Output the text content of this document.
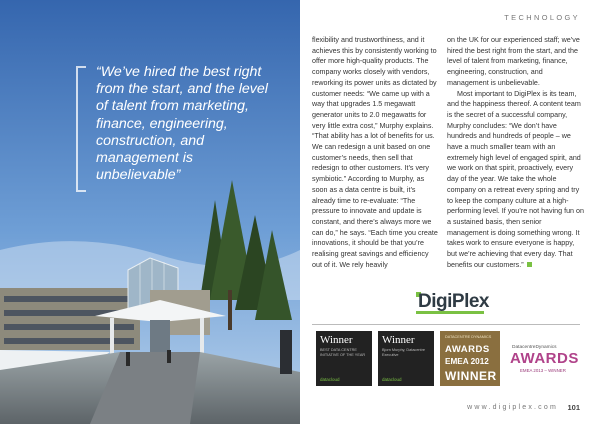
“We’ve hired the best right from the start, and the level of talent from marketing, finance, engineering, construction, and management is unbelievable”
TECHNOLOGY

flexibility and trustworthiness, and it achieves this by consistently working to offer more high-quality products. The company works closely with vendors, reworking its power units as dictated by customer needs: “We came up with a way that upgrades 1.5 megawatt generator units to 2.0 megawatts for very little extra cost,” Murphy explains. “That ability has a lot of benefits for us. We can redesign a unit based on one customer’s needs, then sell that redesign to other customers. It’s very symbiotic.” According to Murphy, as soon as a data centre is built, it’s already time to re-evaluate: “The pressure to innovate and update is constant, and there’s always more we can do,” he says. “Each time you create innovations, it should be that you’re realising great savings and efficiency out of it. We rely heavily

on the UK for our experienced staff; we’ve hired the best right from the start, and the level of talent from marketing, finance, engineering, construction, and management is unbelievable.

Most important to DigiPlex is its team, and the happiness thereof. A content team is the secret of a successful company, Murphy concludes: “We don’t have hundreds and hundreds of people – we have a much smaller team with an extremely high level of engaged spirit, and we work on that spirit, proactively, every day of the year. We take the whole company on a retreat every spring and try to keep the company culture at a high-performing level. If you’re not having fun on a sustained basis, then senior management is doing something wrong. It takes work to ensure everyone is happy, but we’re achieving that every day. That benefits our customers.”

DigiPlex
Winner
BEST DATA CENTRE INITIATIVE OF THE YEAR
datacloud
Winner
Bjorn Murphy, Datacentre Executive
datacloud
DATACENTRE DYNAMICS
AWARDS
EMEA 2012
WINNER
DatacentreDynamics
AWARDS
EMEA 2013 – WINNER
www.digiplex.com 101
